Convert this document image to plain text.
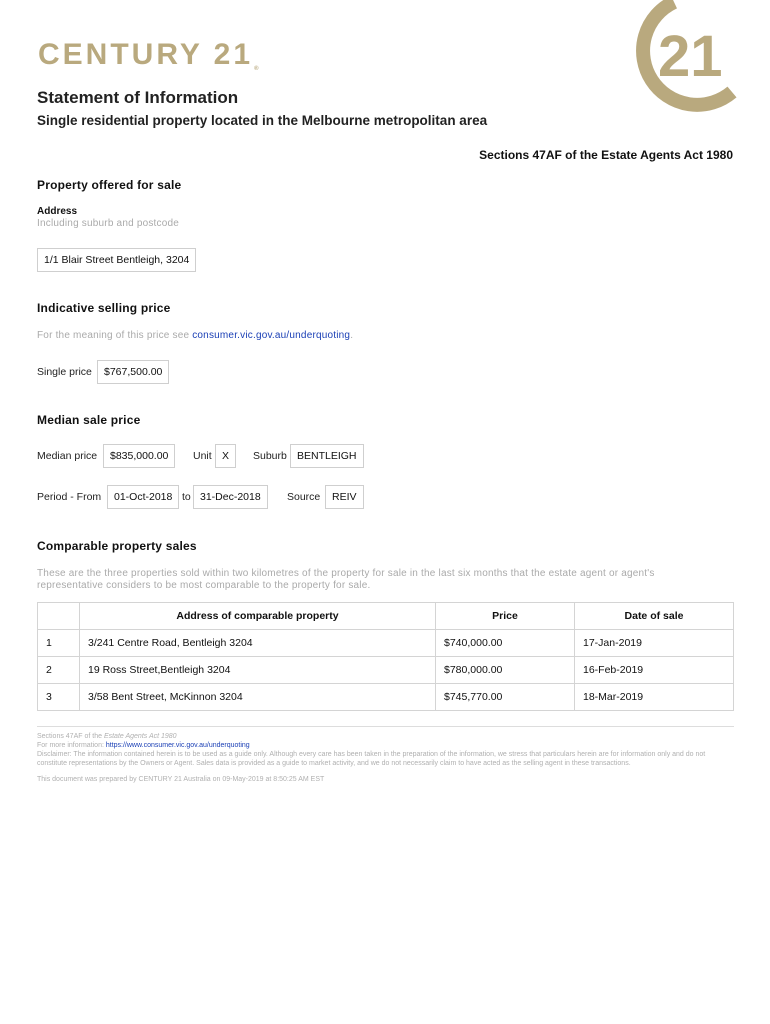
CENTURY 21®	21
Statement of Information
Single residential property located in the Melbourne metropolitan area
Sections 47AF of the Estate Agents Act 1980
Property offered for sale
Address
Including suburb and postcode
1/1 Blair Street Bentleigh, 3204
Indicative selling price
For the meaning of this price see consumer.vic.gov.au/underquoting.
Single price	$767,500.00
Median sale price
Median price	$835,000.00	Unit X	Suburb BENTLEIGH
Period - From	01-Oct-2018 to 31-Dec-2018	Source	REIV
Comparable property sales
These are the three properties sold within two kilometres of the property for sale in the last six months that the estate agent or agent's
representative considers to be most comparable to the property for sale.
	Address of comparable property	Price	Date of sale
1	3/241 Centre Road, Bentleigh 3204	$740,000.00	17-Jan-2019
2	19 Ross Street,Bentleigh 3204	$780,000.00	16-Feb-2019
3	3/58 Bent Street, McKinnon 3204	$745,770.00	18-Mar-2019
Sections 47AF of the Estate Agents Act 1980
For more information: https://www.consumer.vic.gov.au/underquoting
Disclaimer: The information contained herein is to be used as a guide only. Although every care has been taken in the preparation of the information, we stress that particulars herein are for information only and do not constitute representations by the Owners or Agent. Sales data is provided as a guide to market activity, and we do not necessarily claim to have acted as the selling agent in these transactions.
This document was prepared by CENTURY 21 Australia on 09-May-2019 at 8:50:25 AM EST
